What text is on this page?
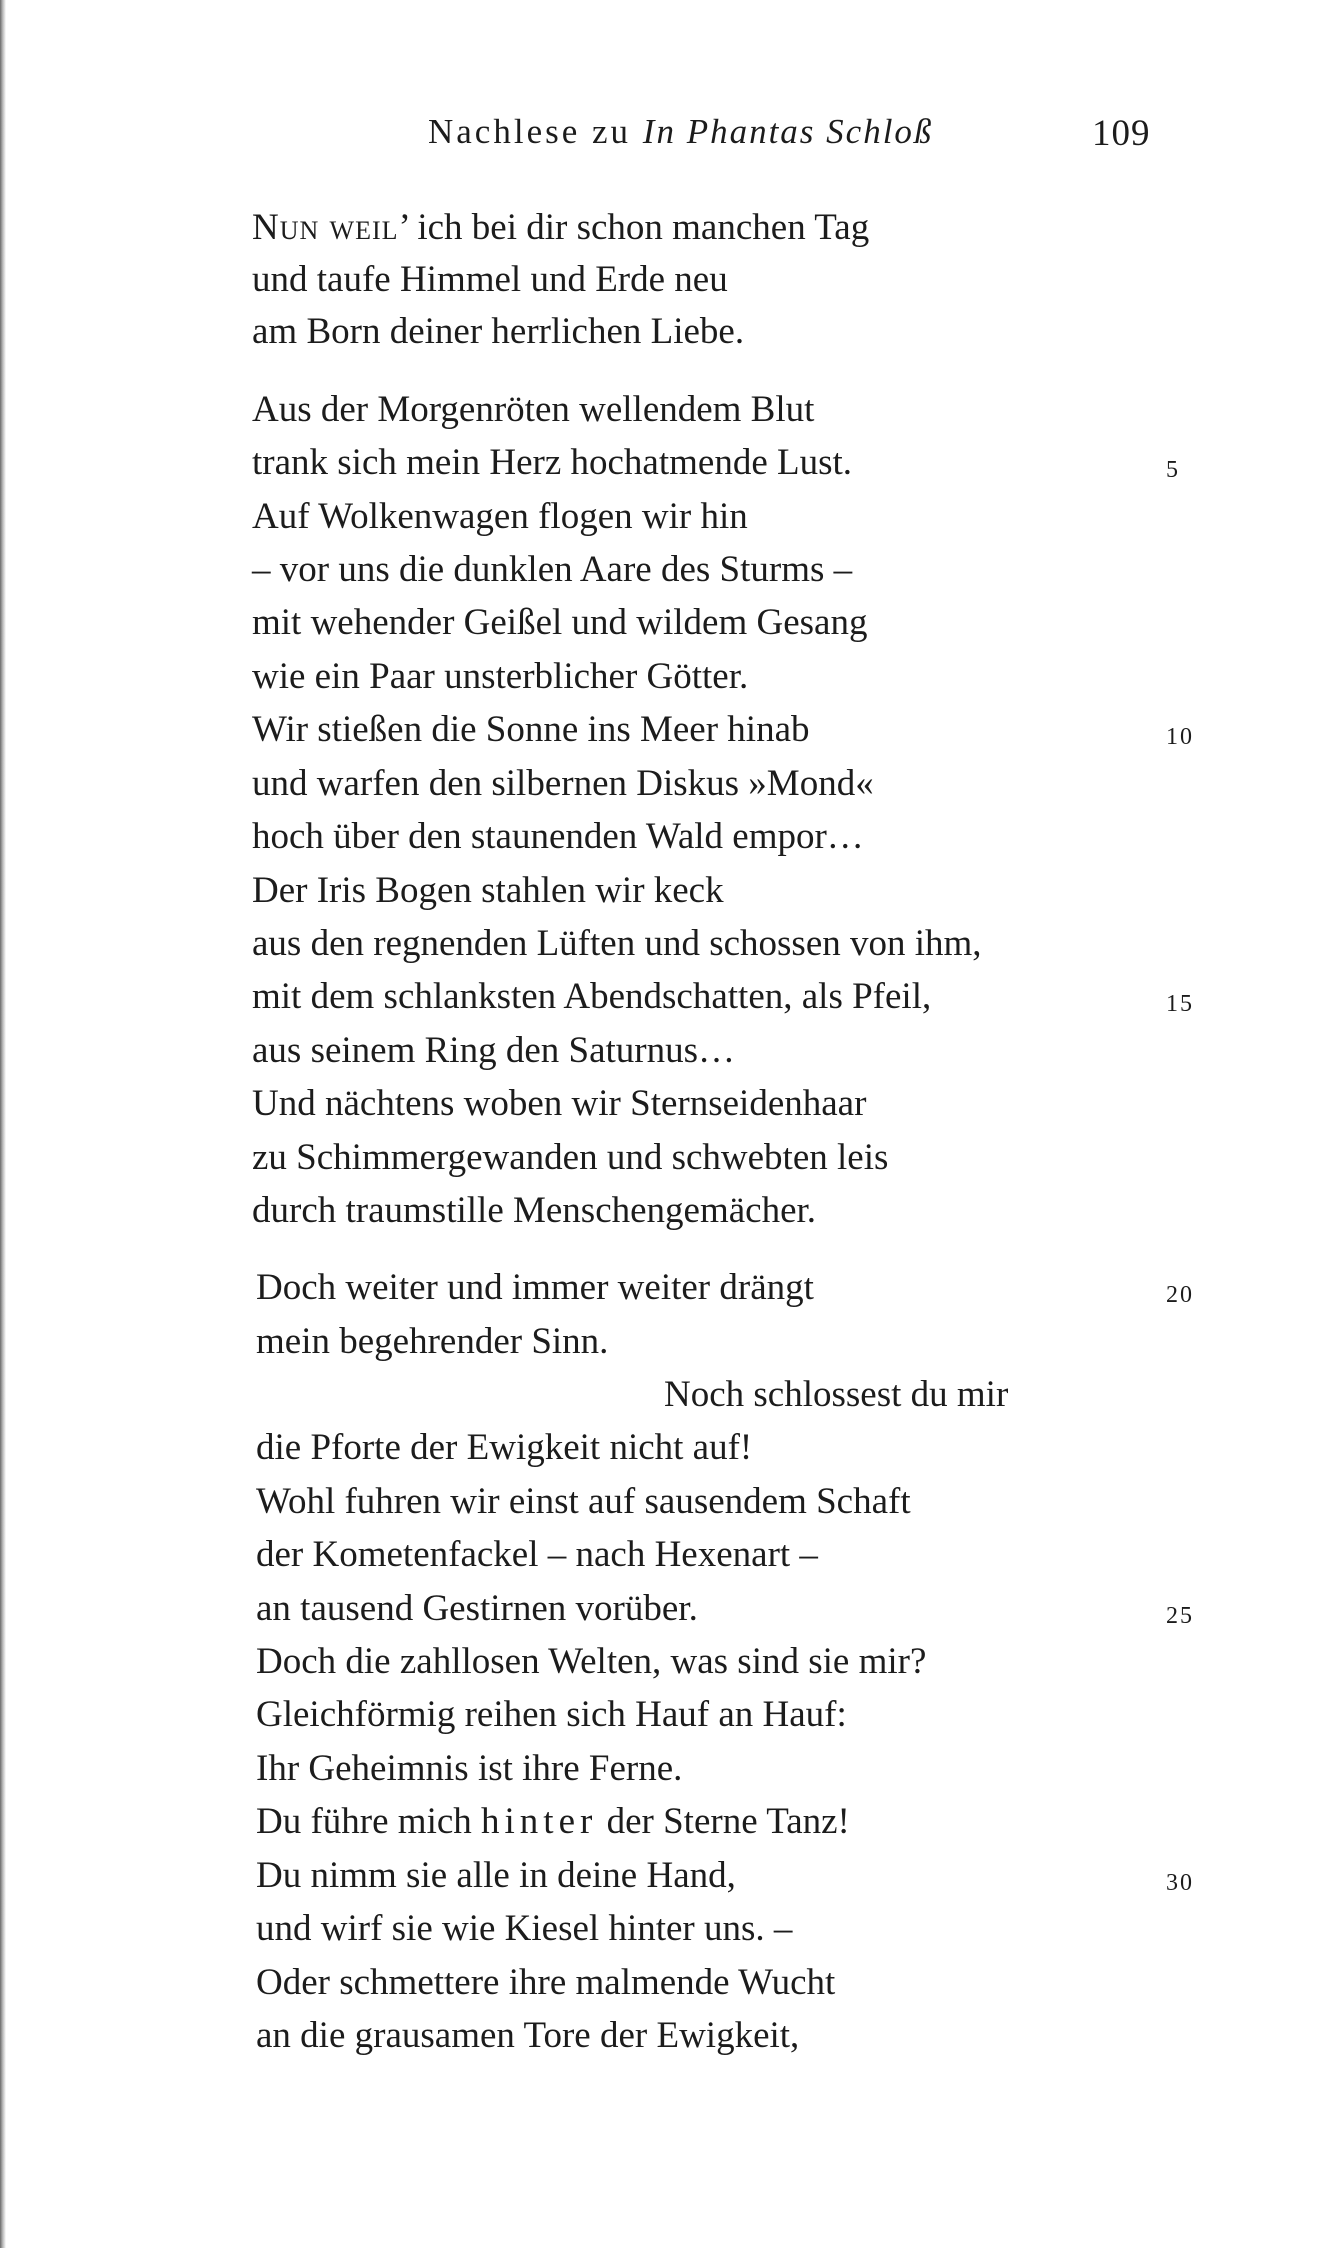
Nachlese zu In Phantas Schloß	109

Nun weil’ ich bei dir schon manchen Tag

und taufe Himmel und Erde neu

am Born deiner herrlichen Liebe.

Aus der Morgenröten wellendem Blut

trank sich mein Herz hochatmende Lust.

Auf Wolkenwagen flogen wir hin

– vor uns die dunklen Aare des Sturms –

mit wehender Geißel und wildem Gesang

wie ein Paar unsterblicher Götter.

Wir stießen die Sonne ins Meer hinab

und warfen den silbernen Diskus »Mond«

hoch über den staunenden Wald empor…

Der Iris Bogen stahlen wir keck

aus den regnenden Lüften und schossen von ihm,

mit dem schlanksten Abendschatten, als Pfeil,

aus seinem Ring den Saturnus…

Und nächtens woben wir Sternseidenhaar

zu Schimmergewanden und schwebten leis

durch traumstille Menschengemächer.

Doch weiter und immer weiter drängt

mein begehrender Sinn.

Noch schlossest du mir

die Pforte der Ewigkeit nicht auf!

Wohl fuhren wir einst auf sausendem Schaft

der Kometenfackel – nach Hexenart –

an tausend Gestirnen vorüber.

Doch die zahllosen Welten, was sind sie mir?

Gleichförmig reihen sich Hauf an Hauf:

Ihr Geheimnis ist ihre Ferne.

Du führe mich hinter der Sterne Tanz!

Du nimm sie alle in deine Hand,

und wirf sie wie Kiesel hinter uns. –

Oder schmettere ihre malmende Wucht

an die grausamen Tore der Ewigkeit,

5
10
15
20
25
30
